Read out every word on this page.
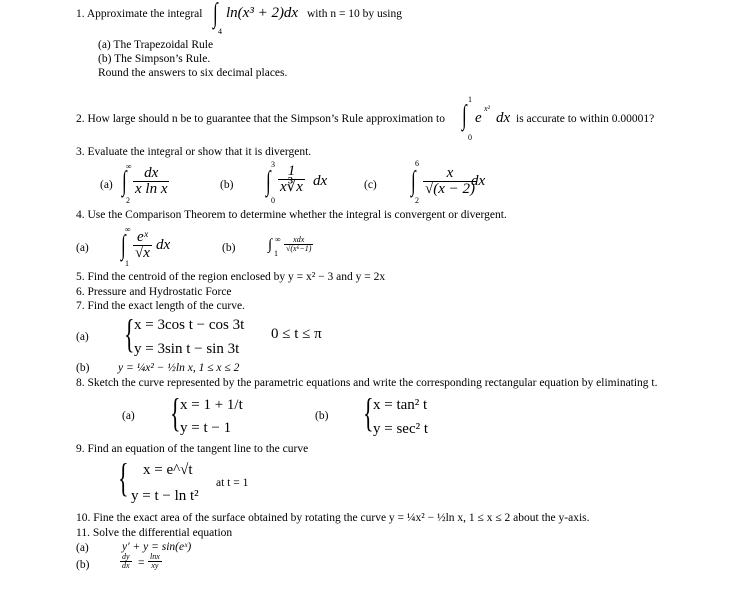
1. Approximate the integral ∫
4
ln(x³ + 2)dx with n = 10 by using
(a) The Trapezoidal Rule
(b) The Simpson’s Rule.
Round the answers to six decimal places.
2. How large should n be to guarantee that the Simpson’s Rule approximation to
1
∫
0
e
x²
dx is accurate to within 0.00001?
3. Evaluate the integral or show that it is divergent.
(a)
∞
∫
2
$\frac{dx}{\text{x ln x}}$	(b)
3
∫
0
$\frac{1}{x∛x}$ dx	(c)
6
∫
2
$\frac{x}{√(x - 2)}$
dx
4. Use the Comparison Theorem to determine whether the integral is convergent or divergent.
(a)
∞
∫
1
$\frac{\text{eˣ}}{√x}$ dx	(b) ∫ ∞
1
xdx
√(x⁶−1)
5. Find the centroid of the region enclosed by y = x² − 3 and y = 2x
6. Pressure and Hydrostatic Force
7. Find the exact length of the curve.
(a) { x = 3cos t − cos 3t
y = 3sin t − sin 3t
0 ≤ t ≤ π
(b) y = ¼x² − ½ln x, 1 ≤ x ≤ 2
8. Sketch the curve represented by the parametric equations and write the corresponding rectangular equation by eliminating t.
(a) { x = 1 + 1/t
y = t − 1
(b) { x = tan² t
y = sec² t
9. Find an equation of the tangent line to the curve
{ x = e^√t
at t = 1
y = t − ln t²
10. Fine the exact area of the surface obtained by rotating the curve y = ¼x² − ½ln x, 1 ≤ x ≤ 2 about the y-axis.
11. Solve the differential equation
(a)	y′ + y = sin(eˣ)
(b)	$\frac{dy}{dx} = \frac{\ln x}{xy}$
